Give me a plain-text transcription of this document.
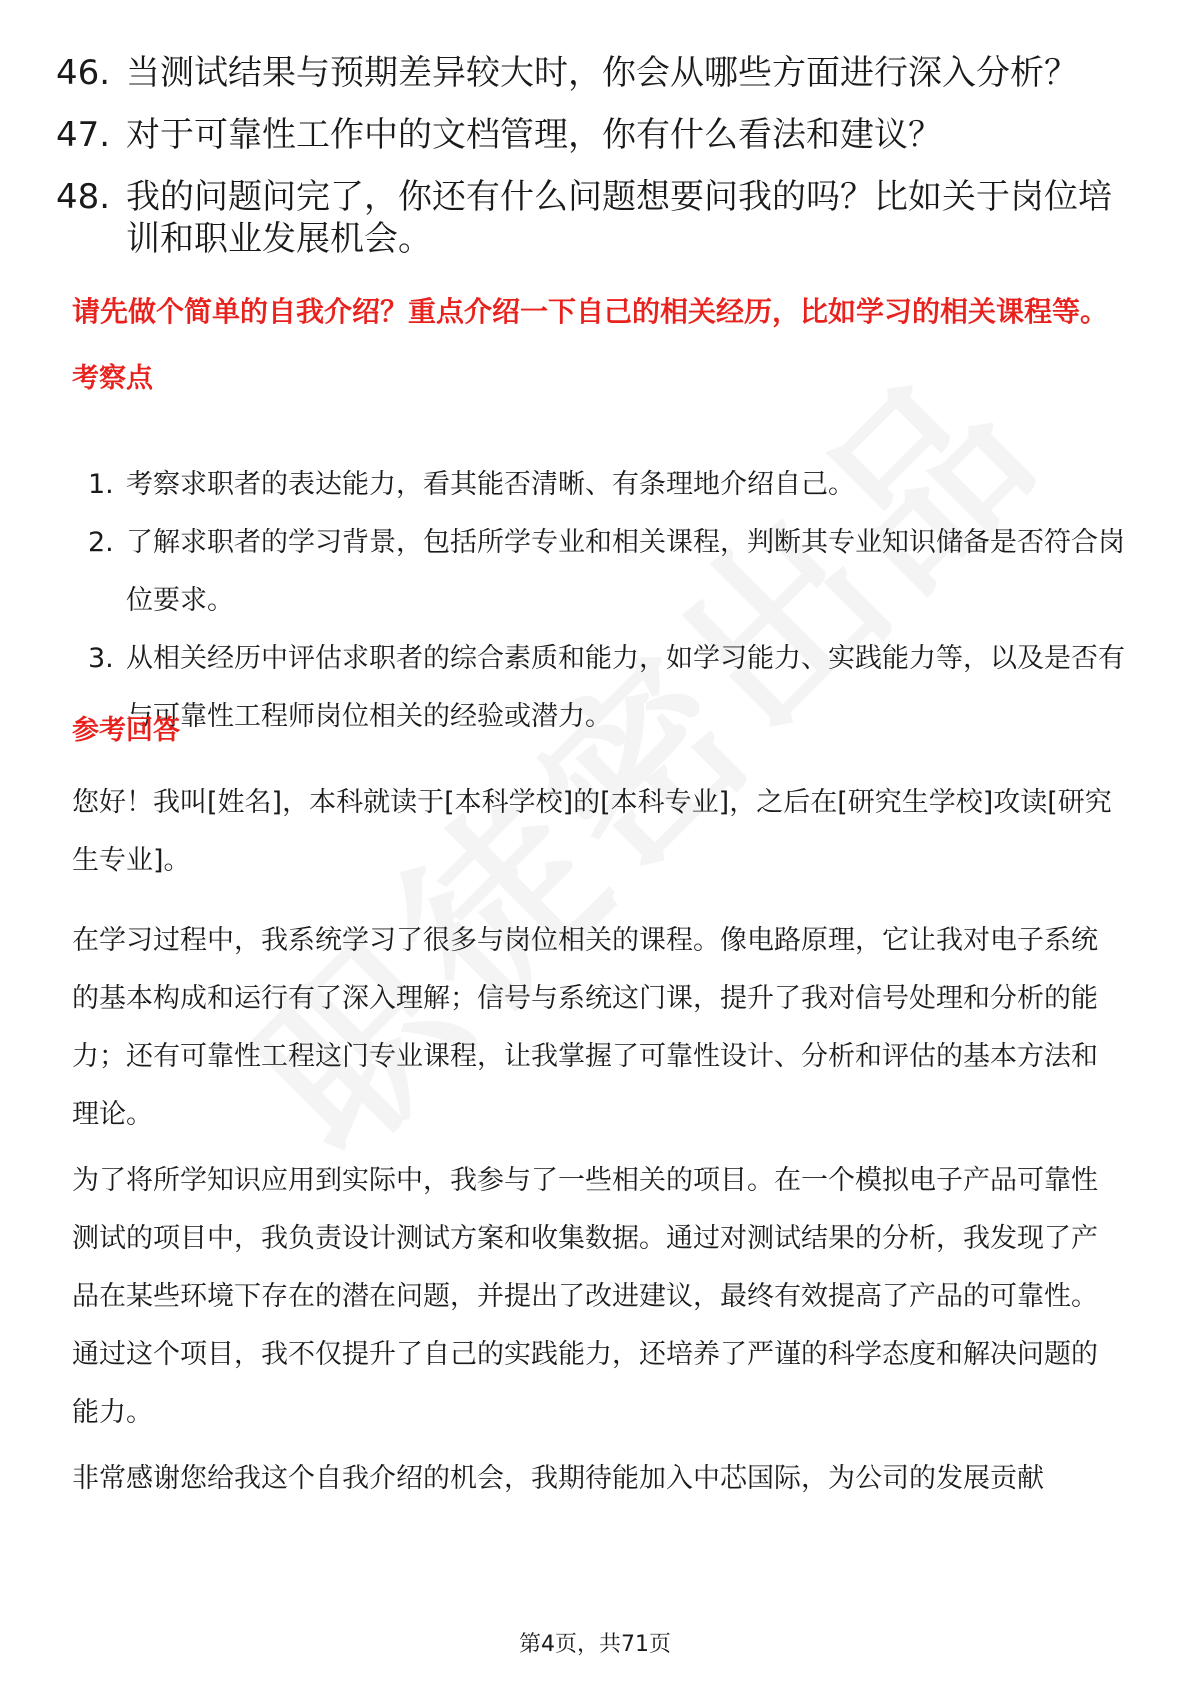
46. 当测试结果与预期差异较大时，你会从哪些方面进行深入分析？
47. 对于可靠性工作中的文档管理，你有什么看法和建议？
48. 我的问题问完了，你还有什么问题想要问我的吗？比如关于岗位培训和职业发展机会。
请先做个简单的自我介绍？重点介绍一下自己的相关经历，比如学习的相关课程等。
考察点
1. 考察求职者的表达能力，看其能否清晰、有条理地介绍自己。
2. 了解求职者的学习背景，包括所学专业和相关课程，判断其专业知识储备是否符合岗位要求。
3. 从相关经历中评估求职者的综合素质和能力，如学习能力、实践能力等，以及是否有与可靠性工程师岗位相关的经验或潜力。
参考回答

您好！我叫[姓名]，本科就读于[本科学校]的[本科专业]，之后在[研究生学校]攻读[研究生专业]。

在学习过程中，我系统学习了很多与岗位相关的课程。像电路原理，它让我对电子系统的基本构成和运行有了深入理解；信号与系统这门课，提升了我对信号处理和分析的能力；还有可靠性工程这门专业课程，让我掌握了可靠性设计、分析和评估的基本方法和理论。

为了将所学知识应用到实际中，我参与了一些相关的项目。在一个模拟电子产品可靠性测试的项目中，我负责设计测试方案和收集数据。通过对测试结果的分析，我发现了产品在某些环境下存在的潜在问题，并提出了改进建议，最终有效提高了产品的可靠性。通过这个项目，我不仅提升了自己的实践能力，还培养了严谨的科学态度和解决问题的能力。

非常感谢您给我这个自我介绍的机会，我期待能加入中芯国际，为公司的发展贡献

第4页，共71页
